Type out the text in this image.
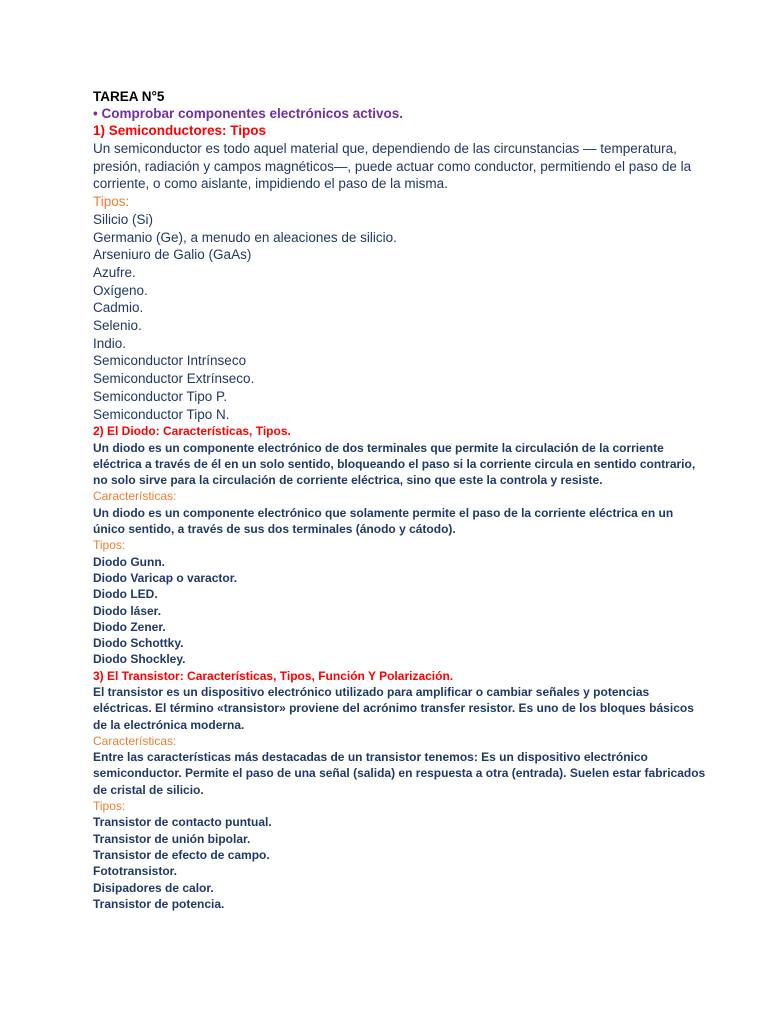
TAREA N°5
• Comprobar componentes electrónicos activos.
1) Semiconductores: Tipos

Un semiconductor es todo aquel material que, dependiendo de las circunstancias — temperatura, presión, radiación y campos magnéticos—, puede actuar como conductor, permitiendo el paso de la corriente, o como aislante, impidiendo el paso de la misma.

Tipos:
Silicio (Si)
Germanio (Ge), a menudo en aleaciones de silicio.
Arseniuro de Galio (GaAs)
Azufre.
Oxígeno.
Cadmio.
Selenio.
Indio.
Semiconductor Intrínseco
Semiconductor Extrínseco.
Semiconductor Tipo P.
Semiconductor Tipo N.
2) El Diodo: Características, Tipos.

Un diodo es un componente electrónico de dos terminales que permite la circulación de la corriente eléctrica a través de él en un solo sentido, bloqueando el paso si la corriente circula en sentido contrario, no solo sirve para la circulación de corriente eléctrica, sino que este la controla y resiste.

Características:

Un diodo es un componente electrónico que solamente permite el paso de la corriente eléctrica en un único sentido, a través de sus dos terminales (ánodo y cátodo).

Tipos:
Diodo Gunn.
Diodo Varicap o varactor.
Diodo LED.
Diodo láser.
Diodo Zener.
Diodo Schottky.
Diodo Shockley.
3) El Transistor: Características, Tipos, Función Y Polarización.

El transistor es un dispositivo electrónico utilizado para amplificar o cambiar señales y potencias eléctricas. El término «transistor» proviene del acrónimo transfer resistor. Es uno de los bloques básicos de la electrónica moderna.

Características:

Entre las características más destacadas de un transistor tenemos: Es un dispositivo electrónico semiconductor. Permite el paso de una señal (salida) en respuesta a otra (entrada). Suelen estar fabricados de cristal de silicio.

Tipos:
Transistor de contacto puntual.
Transistor de unión bipolar.
Transistor de efecto de campo.
Fototransistor.
Disipadores de calor.
Transistor de potencia.
